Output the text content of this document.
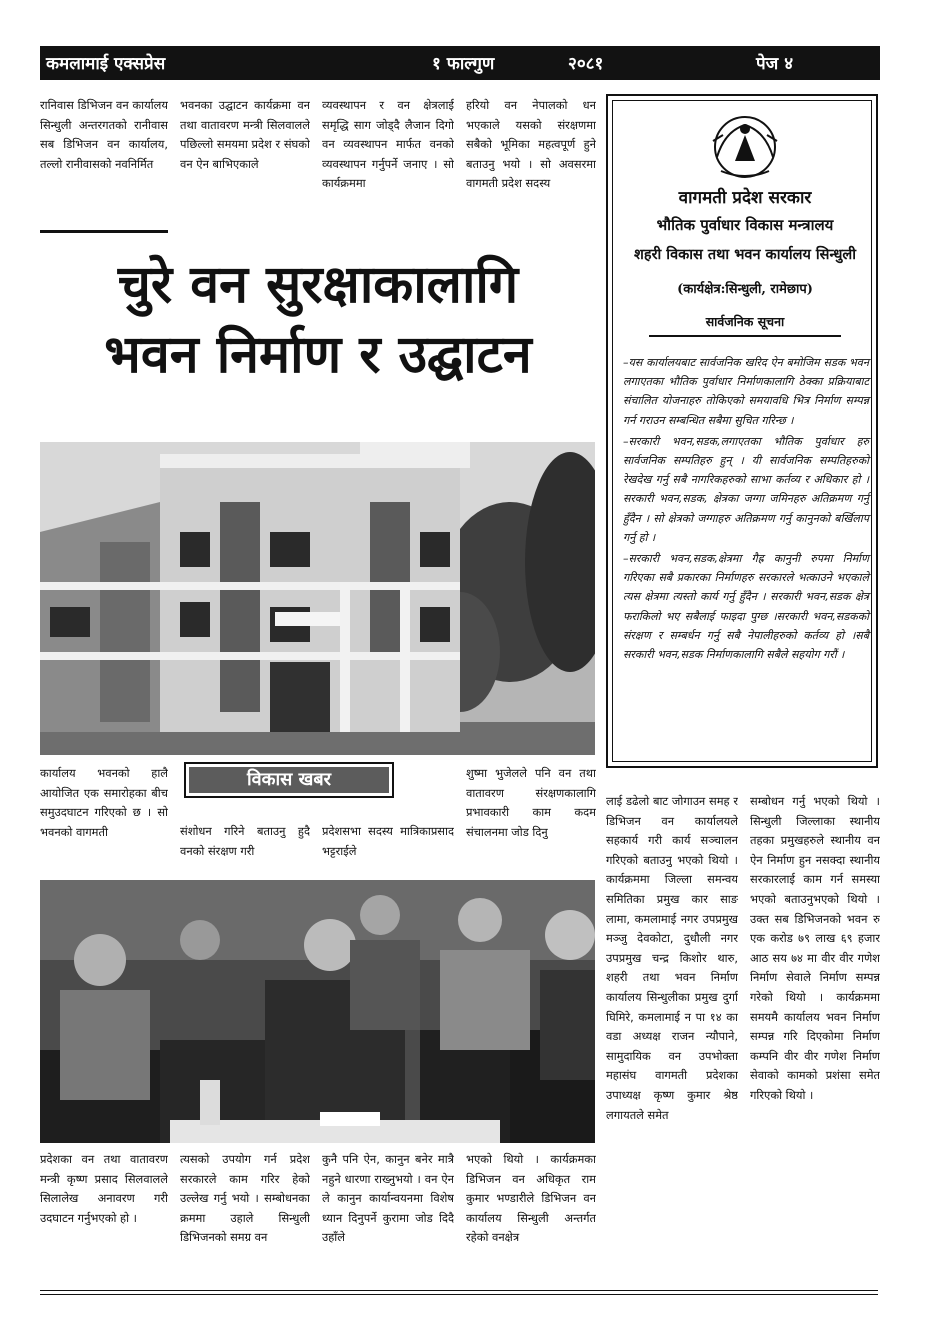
कमलामाई एक्सप्रेस	१ फाल्गुण	२०८१	पेज ४
रानिवास डिभिजन वन कार्यालय सिन्धुली अन्तरगतको रानीवास सब डिभिजन वन कार्यालय, तल्लो रानीवासको नवनिर्मित
भवनका उद्घाटन कार्यक्रमा वन तथा वातावरण मन्त्री सिलवालले पछिल्लो समयमा प्रदेश र संघको वन ऐन बाभिएकाले
व्यवस्थापन र वन क्षेत्रलाई समृद्धि साग जोड्दै लैजान दिगो वन व्यवस्थापन मार्फत वनको व्यवस्थापन गर्नुपर्ने जनाए । सो कार्यक्रममा
हरियो वन नेपालको धन भएकाले यसको संरक्षणमा सबैको भूमिका महत्वपूर्ण हुने बताउनु भयो । सो अवसरमा वागमती प्रदेश सदस्य
चुरे वन सुरक्षाकालागि
भवन निर्माण र उद्घाटन
विकास खबर
कार्यालय भवनको हालै आयोजित एक समारोहका बीच समुउदघाटन गरिएको छ । सो भवनको वागमती	संशोधन गरिने बताउनु हुदै वनको संरक्षण गरी
प्रदेशसभा सदस्य मात्रिकाप्रसाद भट्टराईले
शुष्मा भुजेलले पनि वन तथा वातावरण संरक्षणकालागि प्रभावकारी काम कदम संचालनमा जोड दिनु
प्रदेशका वन तथा वातावरण मन्त्री कृष्ण प्रसाद सिलवालले सिलालेख अनावरण गरी उदघाटन गर्नुभएको हो ।
त्यसको उपयोग गर्न प्रदेश सरकारले काम गरिर हेको उल्लेख गर्नु भयो । सम्बोधनका क्रममा उहाले सिन्धुली डिभिजनको समग्र वन
कुनै पनि ऐन, कानुन बनेर मात्रै नहुने धारणा राख्नुभयो । वन ऐन ले कानुन कार्यान्वयनमा विशेष ध्यान दिनुपर्ने कुरामा जोड दिदै उहाँले
भएको थियो । कार्यक्रमका डिभिजन वन अधिकृत राम कुमार भण्डारीले डिभिजन वन कार्यालय सिन्धुली अन्तर्गत रहेको वनक्षेत्र
वागमती प्रदेश सरकार
भौतिक पुर्वाधार विकास मन्त्रालय
शहरी विकास तथा भवन कार्यालय सिन्धुली
(कार्यक्षेत्र:सिन्धुली, रामेछाप)
सार्वजनिक सूचना

–यस कार्यालयबाट सार्वजनिक खरिद ऐन बमोजिम सडक भवन लगाएतका भौतिक पुर्वाधार निर्माणकालागि ठेक्का प्रक्रियाबाट संचालित योजनाहरु तोकिएको समयावधि भित्र निर्माण सम्पन्न गर्न गराउन सम्बन्धित सबैमा सुचित गरिन्छ ।

–सरकारी भवन,सडक,लगाएतका भौतिक पुर्वाधार हरु सार्वजनिक सम्पतिहरु हुन् । यी सार्वजनिक सम्पतिहरुको रेखदेख गर्नु सबै नागरिकहरुको साभा कर्तव्य र अधिकार हो । सरकारी भवन,सडक, क्षेत्रका जग्गा जमिनहरु अतिक्रमण गर्नु हुँदैन । सो क्षेत्रको जग्गाहरु अतिक्रमण गर्नु कानुनको बर्खिलाप गर्नु हो ।

–सरकारी भवन,सडक,क्षेत्रमा गैह्र कानुनी रुपमा निर्माण गरिएका सबै प्रकारका निर्माणहरु सरकारले भत्काउने भएकाले त्यस क्षेत्रमा त्यस्तो कार्य गर्नु हुँदैन । सरकारी भवन,सडक क्षेत्र फराकिलो भए सबैलाई फाइदा पुग्छ ।सरकारी भवन,सडकको संरक्षण र सम्बर्धन गर्नु सबै नेपालीहरुको कर्तव्य हो ।सबै सरकारी भवन,सडक निर्माणकालागि सबैले सहयोग गरौं ।

लाई डढेलो बाट जोगाउन समह र डिभिजन वन कार्यालयले सहकार्य गरी कार्य सञ्चालन गरिएको बताउनु भएको थियो । कार्यक्रममा जिल्ला समन्वय समितिका प्रमुख कार साङ लामा, कमलामाई नगर उपप्रमुख मञ्जु देवकोटा, दुधौली नगर उपप्रमुख चन्द्र किशोर थारु, शहरी तथा भवन निर्माण कार्यालय सिन्धुलीका प्रमुख दुर्गा घिमिरे, कमलामाई न पा १४ का वडा अध्यक्ष राजन न्यौपाने, सामुदायिक वन उपभोक्ता महासंघ वागमती प्रदेशका उपाध्यक्ष कृष्ण कुमार श्रेष्ठ लगायतले समेत
सम्बोधन गर्नु भएको थियो । सिन्धुली जिल्लाका स्थानीय तहका प्रमुखहरुले स्थानीय वन ऐन निर्माण हुन नसक्दा स्थानीय सरकारलाई काम गर्न समस्या भएको बताउनुभएको थियो । उक्त सब डिभिजनको भवन रु एक करोड ७९ लाख ६९ हजार आठ सय ७४ मा वीर वीर गणेश निर्माण सेवाले निर्माण सम्पन्न गरेको थियो । कार्यक्रममा समयमै कार्यालय भवन निर्माण सम्पन्न गरि दिएकोमा निर्माण कम्पनि वीर वीर गणेश निर्माण सेवाको कामको प्रशंसा समेत गरिएको थियो ।
